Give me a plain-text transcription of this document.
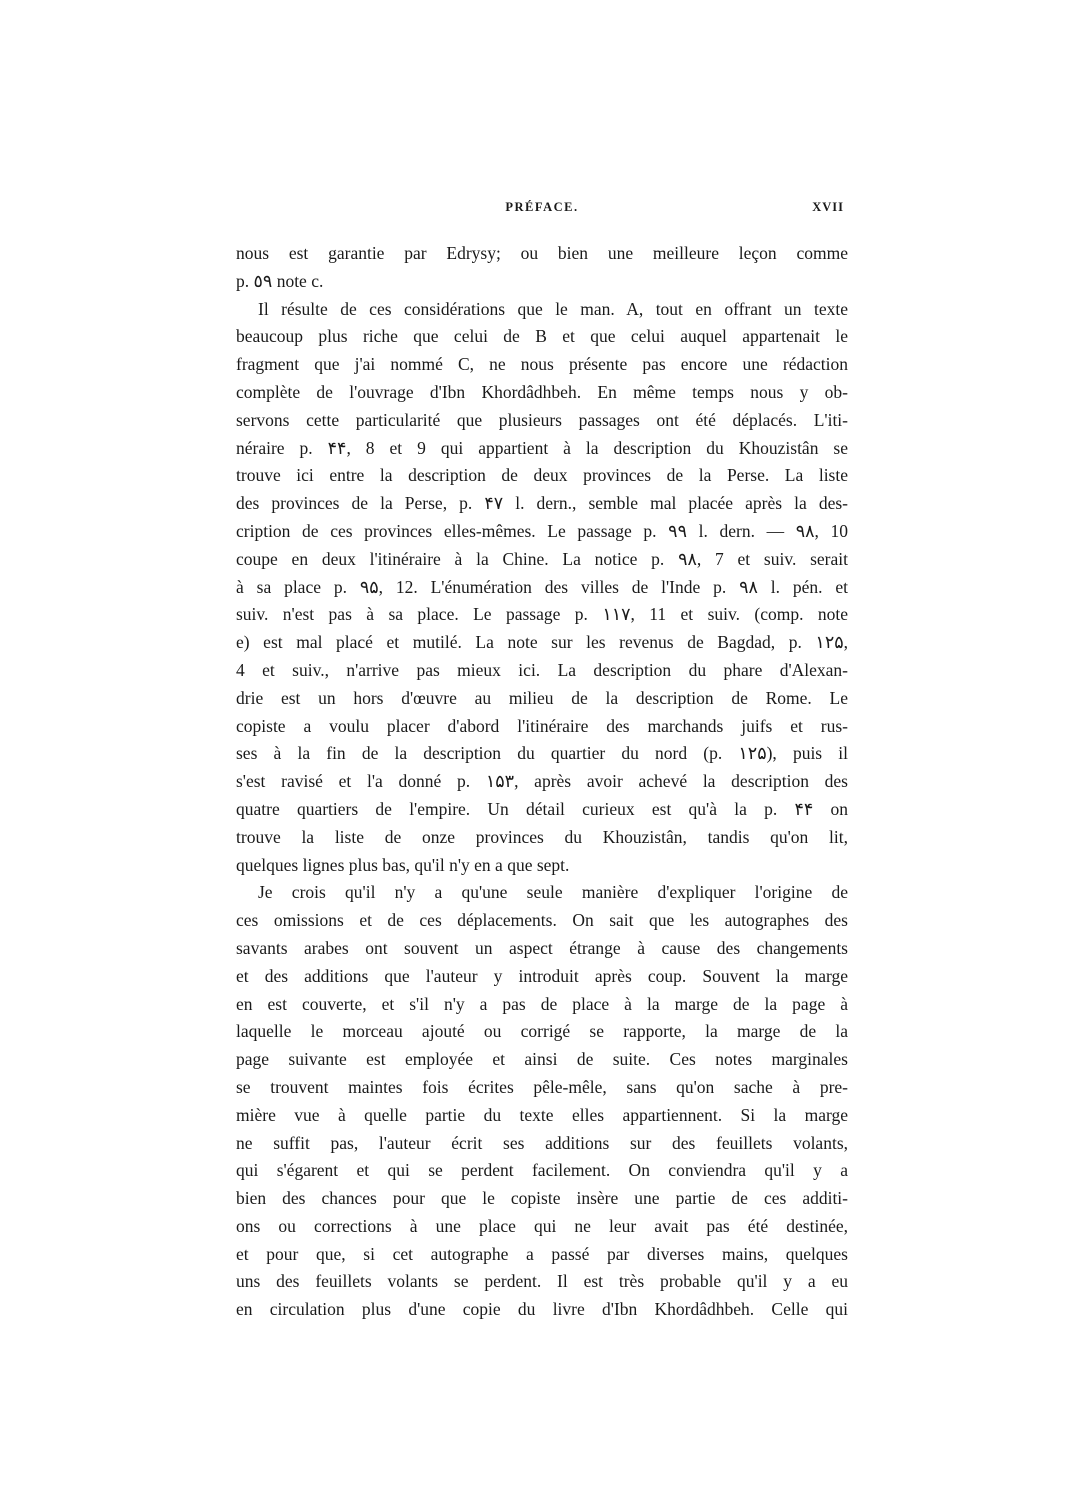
PRÉFACE.	XVII
nous est garantie par Edrysy; ou bien une meilleure leçon comme
p. ٥٩ note c.
Il résulte de ces considérations que le man. A, tout en offrant un texte
beaucoup plus riche que celui de B et que celui auquel appartenait le
fragment que j'ai nommé C, ne nous présente pas encore une rédaction
complète de l'ouvrage d'Ibn Khordâdhbeh. En même temps nous y ob-
servons cette particularité que plusieurs passages ont été déplacés. L'iti-
néraire p. ۴۴, 8 et 9 qui appartient à la description du Khouzistân se
trouve ici entre la description de deux provinces de la Perse. La liste
des provinces de la Perse, p. ۴۷ l. dern., semble mal placée après la des-
cription de ces provinces elles-mêmes. Le passage p. ۹۹ l. dern. — ۹۸, 10
coupe en deux l'itinéraire à la Chine. La notice p. ۹۸, 7 et suiv. serait
à sa place p. ۹۵, 12. L'énumération des villes de l'Inde p. ۹۸ l. pén. et
suiv. n'est pas à sa place. Le passage p. ۱۱۷, 11 et suiv. (comp. note
e) est mal placé et mutilé. La note sur les revenus de Bagdad, p. ۱۲۵,
4 et suiv., n'arrive pas mieux ici. La description du phare d'Alexan-
drie est un hors d'œuvre au milieu de la description de Rome. Le
copiste a voulu placer d'abord l'itinéraire des marchands juifs et rus-
ses à la fin de la description du quartier du nord (p. ۱۲۵), puis il
s'est ravisé et l'a donné p. ۱۵۳, après avoir achevé la description des
quatre quartiers de l'empire. Un détail curieux est qu'à la p. ۴۴ on
trouve la liste de onze provinces du Khouzistân, tandis qu'on lit,
quelques lignes plus bas, qu'il n'y en a que sept.
Je crois qu'il n'y a qu'une seule manière d'expliquer l'origine de
ces omissions et de ces déplacements. On sait que les autographes des
savants arabes ont souvent un aspect étrange à cause des changements
et des additions que l'auteur y introduit après coup. Souvent la marge
en est couverte, et s'il n'y a pas de place à la marge de la page à
laquelle le morceau ajouté ou corrigé se rapporte, la marge de la
page suivante est employée et ainsi de suite. Ces notes marginales
se trouvent maintes fois écrites pêle-mêle, sans qu'on sache à pre-
mière vue à quelle partie du texte elles appartiennent. Si la marge
ne suffit pas, l'auteur écrit ses additions sur des feuillets volants,
qui s'égarent et qui se perdent facilement. On conviendra qu'il y a
bien des chances pour que le copiste insère une partie de ces additi-
ons ou corrections à une place qui ne leur avait pas été destinée,
et pour que, si cet autographe a passé par diverses mains, quelques
uns des feuillets volants se perdent. Il est très probable qu'il y a eu
en circulation plus d'une copie du livre d'Ibn Khordâdhbeh. Celle qui
